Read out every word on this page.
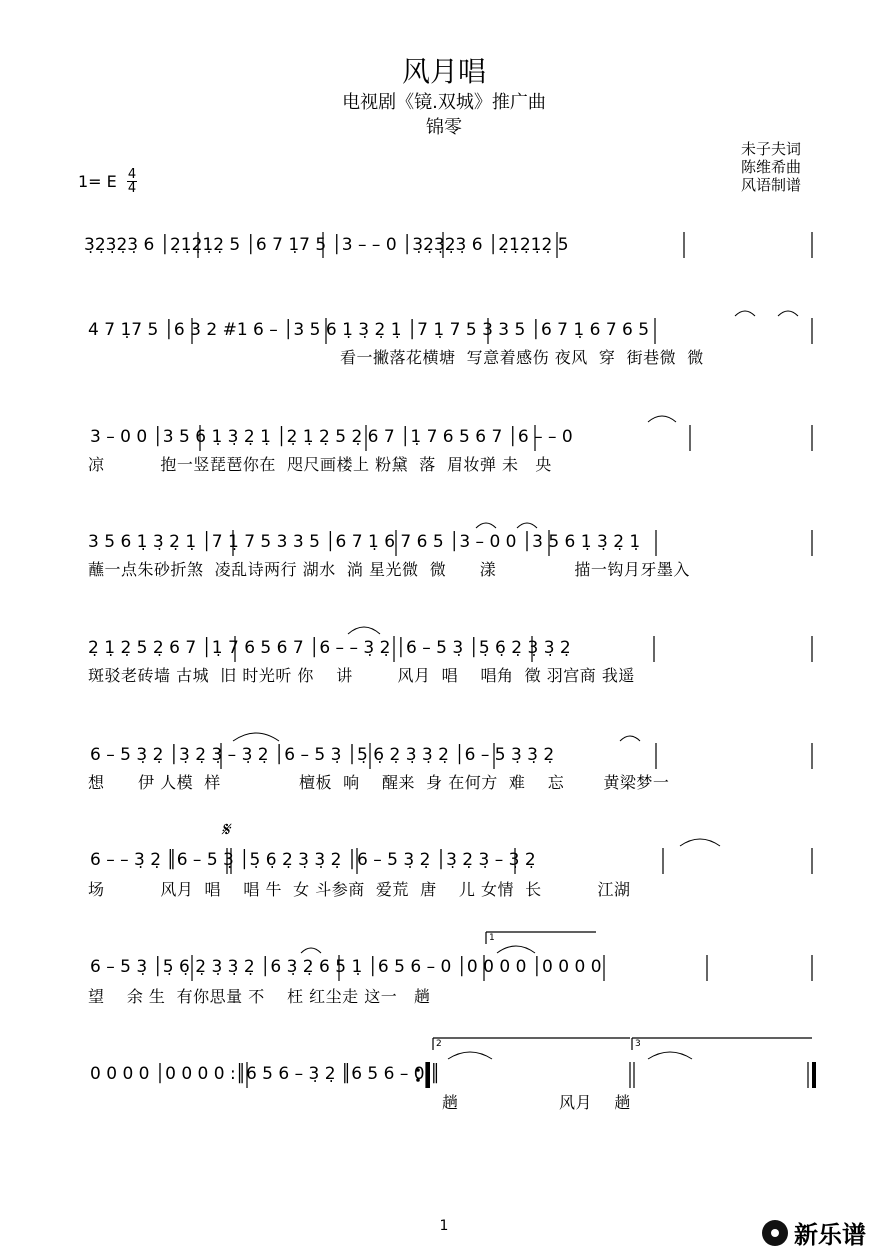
风月唱
电视剧《镜.双城》推广曲
锦零
未子夫词
陈维希曲
风语制谱
1= E 4
4
𝄋
1
2	3
3̣2̣3̣2̣3̣ 6 │2̣1̣2̣1̣2̣ 5 │6 7 1̣7 5 │3 – – 0 │3̣2̣3̣2̣3̣ 6 │2̣1̣2̣1̣2̣ 5
4 7 1̣7 5 │6 3 2 #1 6 – │3 5 6 1̣ 3̣ 2̣ 1̣ │7 1̣ 7 5 3 3 5 │6 7 1̣ 6 7 6 5
看一撇落花横塘  写意着感伤 夜风  穿  街巷微  微
3 – 0 0 │3 5 6 1̣ 3̣ 2̣ 1̣ │2̣ 1̣ 2̣ 5 2̣ 6 7 │1̣ 7 6 5 6 7 │6 – – 0
凉          抱一竖琵琶你在  咫尺画楼上 粉黛  落  眉妆弹 未   央
3 5 6 1̣ 3̣ 2̣ 1̣ │7 1̣ 7 5 3 3 5 │6 7 1̣ 6 7 6 5 │3 – 0 0 │3 5 6 1̣ 3̣ 2̣ 1̣
蘸一点朱砂折煞  凌乱诗两行 湖水  淌 星光微  微      漾              描一钩月牙墨入
2̣ 1̣ 2̣ 5 2̣ 6 7 │1̣ 7 6 5 6 7 │6 – – 3̣ 2̣ │6 – 5 3̣ │5̣ 6̣ 2̣ 3̣ 3̣ 2̣
斑驳老砖墙 古城  旧 时光听 你    讲        风月  唱    唱角  徵 羽宫商 我遥
6 – 5 3̣ 2̣ │3̣ 2̣ 3̣ – 3̣ 2̣ │6 – 5 3̣ │5̣ 6̣ 2̣ 3̣ 3̣ 2̣ │6 – 5 3̣ 3̣ 2̣
想      伊 人模  样              檀板  响    醒来  身 在何方  难    忘       黄梁梦一
6 – – 3̣ 2̣ ║6 – 5 3̣ │5̣ 6̣ 2̣ 3̣ 3̣ 2̣ │6 – 5 3̣ 2̣ │3̣ 2̣ 3̣ – 3̣ 2̣
场          风月  唱    唱 牛  女 斗参商  爱荒  唐    儿 女情  长          江湖
6 – 5 3̣ │5̣ 6̣ 2̣ 3̣ 3̣ 2̣ │6 3̣ 2̣ 6 5 1̣ │6 5 6 – 0 │0 0 0 0 │0 0 0 0
望    余 生  有你思量 不    枉 红尘走 这一   趟
0 0 0 0 │0 0 0 0 :║6 5 6 – 3̣ 2̣ ║6 5 6 – 0 ║
趟                  风月    趟
1	新乐谱
